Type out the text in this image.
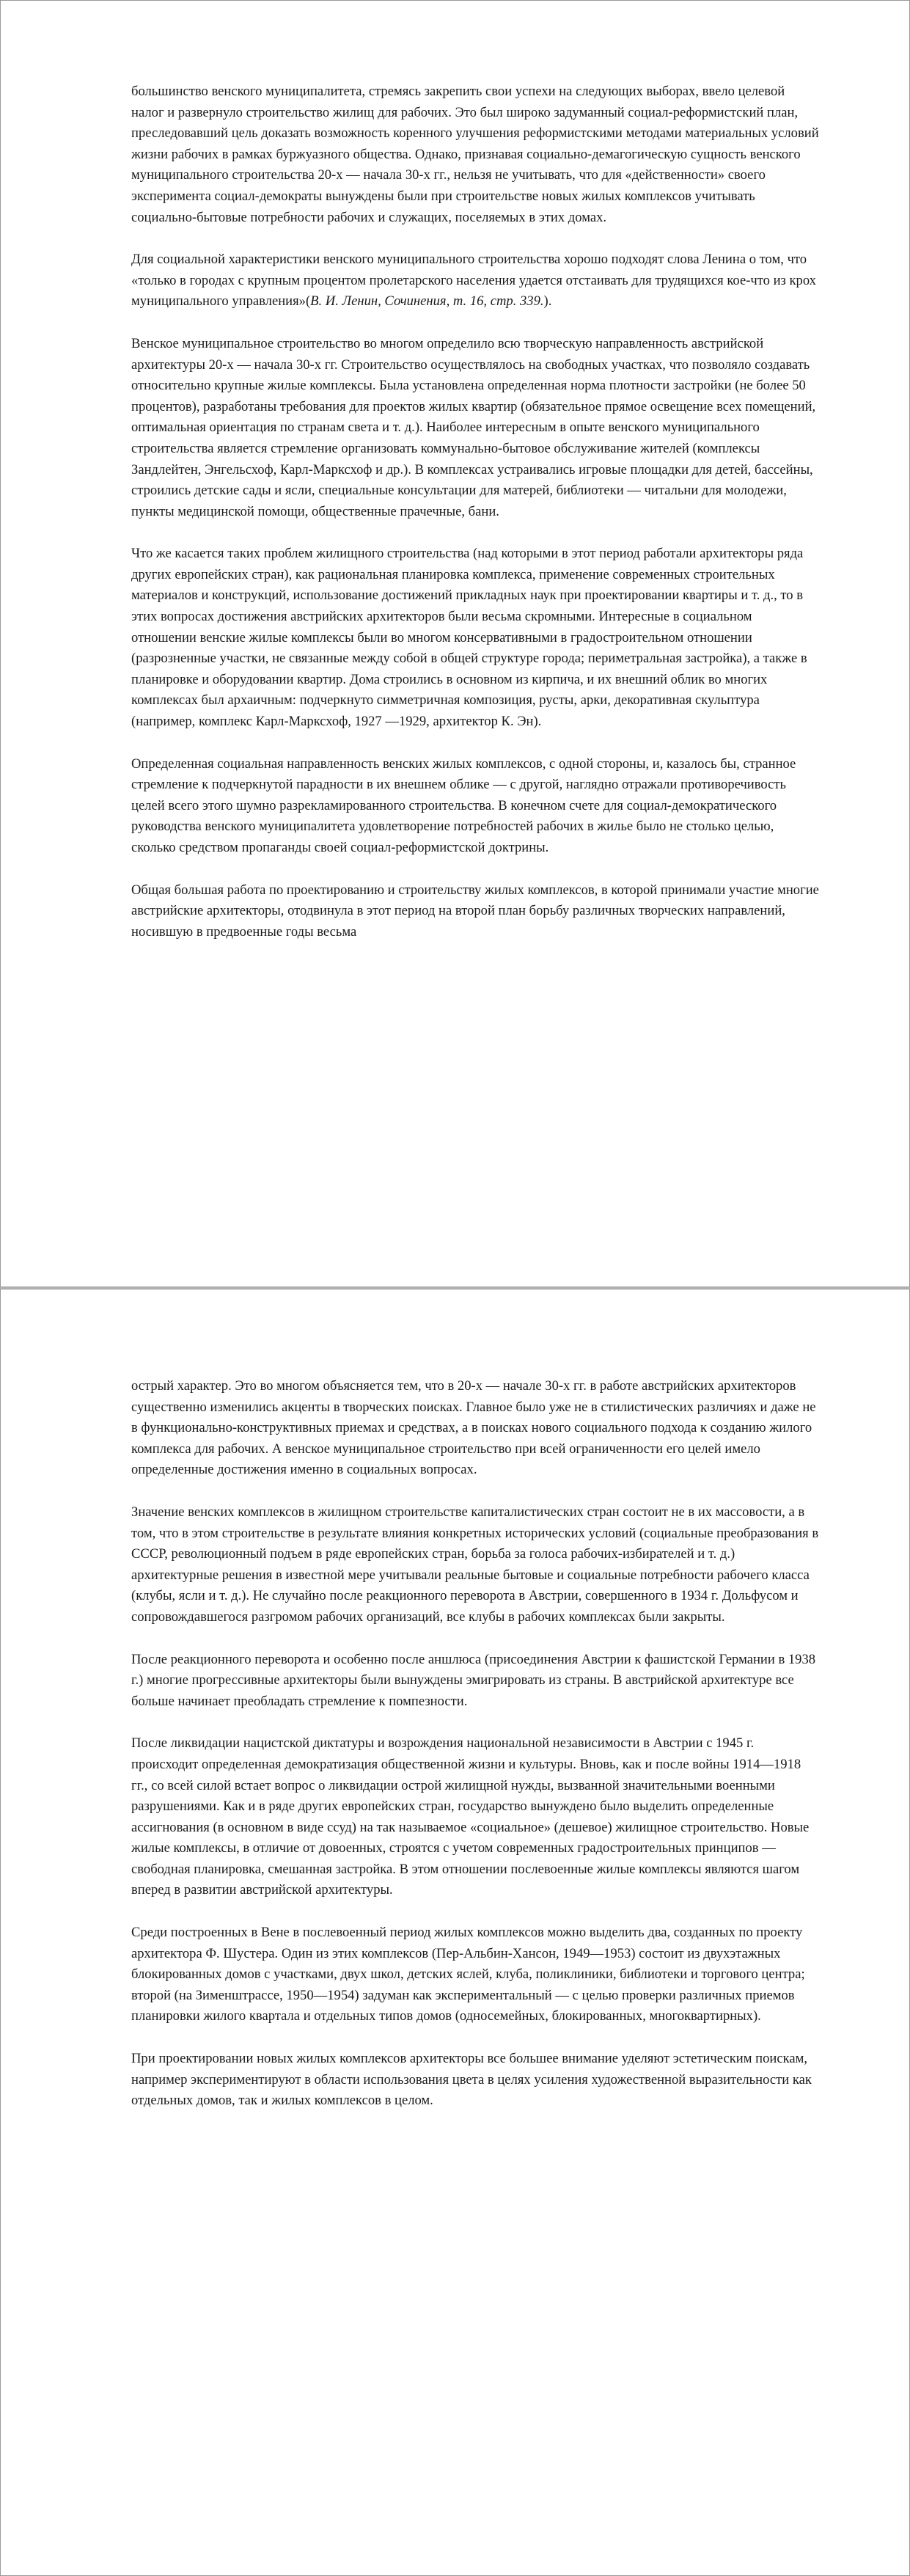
большинство венского муниципалитета, стремясь закрепить свои успехи на следующих выборах, ввело целевой налог и развернуло строительство жилищ для рабочих. Это был широко задуманный социал-реформистский план, преследовавший цель доказать возможность коренного улучшения реформистскими методами материальных условий жизни рабочих в рамках буржуазного общества. Однако, признавая социально-демагогическую сущность венского муниципального строительства 20-х — начала 30-х гг., нельзя не учитывать, что для «действенности» своего эксперимента социал-демократы вынуждены были при строительстве новых жилых комплексов учитывать социально-бытовые потребности рабочих и служащих, поселяемых в этих домах.

Для социальной характеристики венского муниципального строительства хорошо подходят слова Ленина о том, что «только в городах с крупным процентом пролетарского населения удается отстаивать для трудящихся кое-что из крох муниципального управления»(В. И. Ленин, Сочинения, т. 16, стр. 339.).

Венское муниципальное строительство во многом определило всю творческую направленность австрийской архитектуры 20-х — начала 30-х гг. Строительство осуществлялось на свободных участках, что позволяло создавать относительно крупные жилые комплексы. Была установлена определенная норма плотности застройки (не более 50 процентов), разработаны требования для проектов жилых квартир (обязательное прямое освещение всех помещений, оптимальная ориентация по странам света и т. д.). Наиболее интересным в опыте венского муниципального строительства является стремление организовать коммунально-бытовое обслуживание жителей (комплексы Зандлейтен, Энгельсхоф, Карл-Марксхоф и др.). В комплексах устраивались игровые площадки для детей, бассейны, строились детские сады и ясли, специальные консультации для матерей, библиотеки — читальни для молодежи, пункты медицинской помощи, общественные прачечные, бани.

Что же касается таких проблем жилищного строительства (над которыми в этот период работали архитекторы ряда других европейских стран), как рациональная планировка комплекса, применение современных строительных материалов и конструкций, использование достижений прикладных наук при проектировании квартиры и т. д., то в этих вопросах достижения австрийских архитекторов были весьма скромными. Интересные в социальном отношении венские жилые комплексы были во многом консервативными в градостроительном отношении (разрозненные участки, не связанные между собой в общей структуре города; периметральная застройка), а также в планировке и оборудовании квартир. Дома строились в основном из кирпича, и их внешний облик во многих комплексах был архаичным: подчеркнуто симметричная композиция, русты, арки, декоративная скульптура (например, комплекс Карл-Марксхоф, 1927 —1929, архитектор К. Эн).

Определенная социальная направленность венских жилых комплексов, с одной стороны, и, казалось бы, странное стремление к подчеркнутой парадности в их внешнем облике — с другой, наглядно отражали противоречивость целей всего этого шумно разрекламированного строительства. В конечном счете для социал-демократического руководства венского муниципалитета удовлетворение потребностей рабочих в жилье было не столько целью, сколько средством пропаганды своей социал-реформистской доктрины.

Общая большая работа по проектированию и строительству жилых комплексов, в которой принимали участие многие австрийские архитекторы, отодвинула в этот период на второй план борьбу различных творческих направлений, носившую в предвоенные годы весьма

острый характер. Это во многом объясняется тем, что в 20-х — начале 30-х гг. в работе австрийских архитекторов существенно изменились акценты в творческих поисках. Главное было уже не в стилистических различиях и даже не в функционально-конструктивных приемах и средствах, а в поисках нового социального подхода к созданию жилого комплекса для рабочих. А венское муниципальное строительство при всей ограниченности его целей имело определенные достижения именно в социальных вопросах.

Значение венских комплексов в жилищном строительстве капиталистических стран состоит не в их массовости, а в том, что в этом строительстве в результате влияния конкретных исторических условий (социальные преобразования в СССР, революционный подъем в ряде европейских стран, борьба за голоса рабочих-избирателей и т. д.) архитектурные решения в известной мере учитывали реальные бытовые и социальные потребности рабочего класса (клубы, ясли и т. д.). Не случайно после реакционного переворота в Австрии, совершенного в 1934 г. Дольфусом и сопровождавшегося разгромом рабочих организаций, все клубы в рабочих комплексах были закрыты.

После реакционного переворота и особенно после аншлюса (присоединения Австрии к фашистской Германии в 1938 г.) многие прогрессивные архитекторы были вынуждены эмигрировать из страны. В австрийской архитектуре все больше начинает преобладать стремление к помпезности.

После ликвидации нацистской диктатуры и возрождения национальной независимости в Австрии с 1945 г. происходит определенная демократизация общественной жизни и культуры. Вновь, как и после войны 1914—1918 гг., со всей силой встает вопрос о ликвидации острой жилищной нужды, вызванной значительными военными разрушениями. Как и в ряде других европейских стран, государство вынуждено было выделить определенные ассигнования (в основном в виде ссуд) на так называемое «социальное» (дешевое) жилищное строительство. Новые жилые комплексы, в отличие от довоенных, строятся с учетом современных градостроительных принципов — свободная планировка, смешанная застройка. В этом отношении послевоенные жилые комплексы являются шагом вперед в развитии австрийской архитектуры.

Среди построенных в Вене в послевоенный период жилых комплексов можно выделить два, созданных по проекту архитектора Ф. Шустера. Один из этих комплексов (Пер-Альбин-Хансон, 1949—1953) состоит из двухэтажных блокированных домов с участками, двух школ, детских яслей, клуба, поликлиники, библиотеки и торгового центра; второй (на Зименштрассе, 1950—1954) задуман как экспериментальный — с целью проверки различных приемов планировки жилого квартала и отдельных типов домов (односемейных, блокированных, многоквартирных).

При проектировании новых жилых комплексов архитекторы все большее внимание уделяют эстетическим поискам, например экспериментируют в области использования цвета в целях усиления художественной выразительности как отдельных домов, так и жилых комплексов в целом.
